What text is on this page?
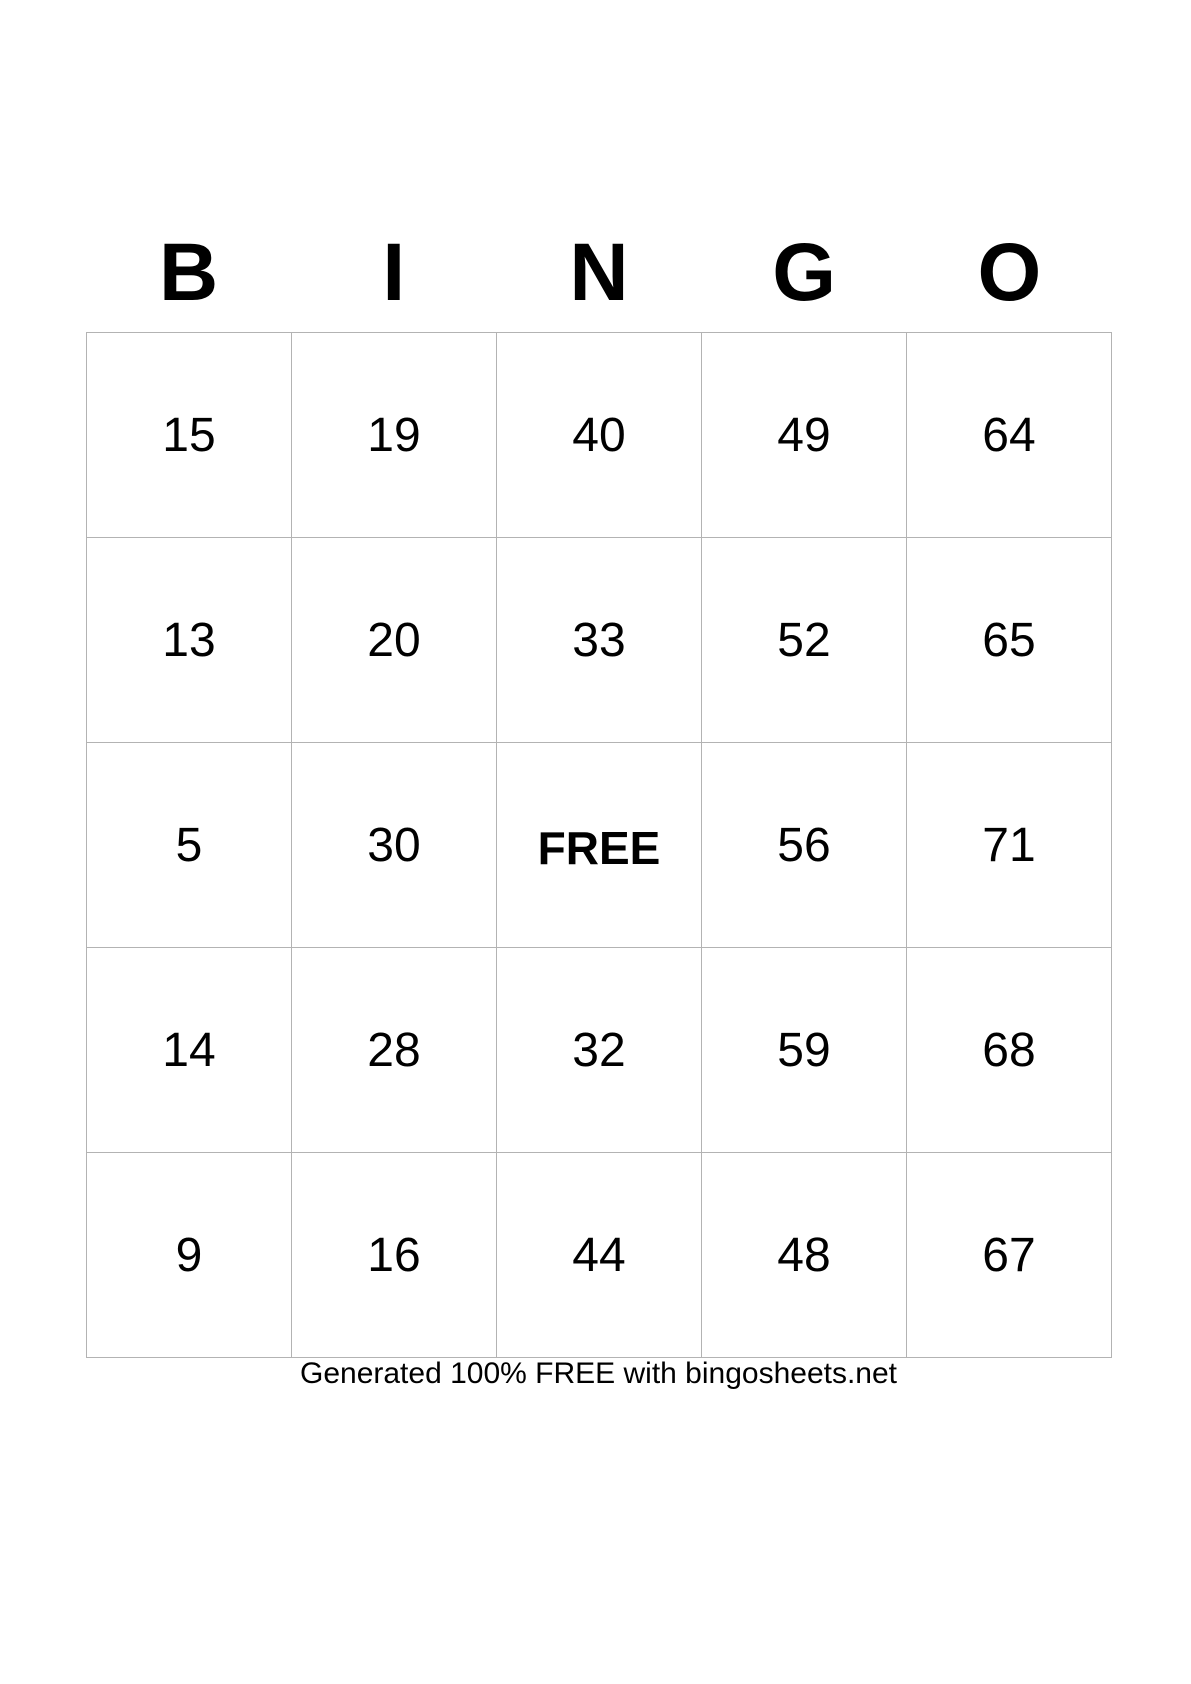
B	I	N	G	O
15	19	40	49	64
13	20	33	52	65
5	30	FREE	56	71
14	28	32	59	68
9	16	44	48	67
Generated 100% FREE with bingosheets.net
